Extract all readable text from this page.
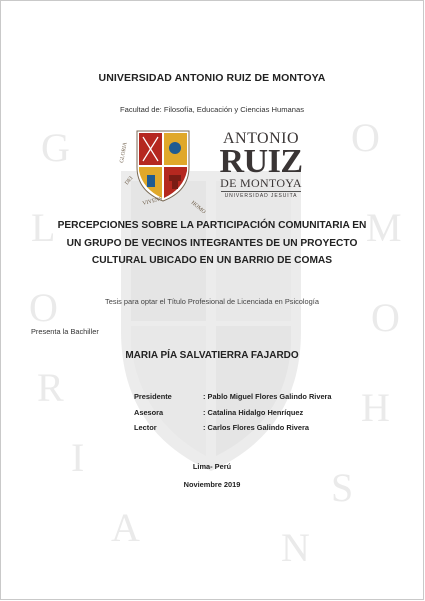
G
L
O
R
I
A
O
M
O
H
S
N
UNIVERSIDAD ANTONIO RUIZ DE MONTOYA
Facultad de: Filosofía, Educación y Ciencias Humanas
GLORIA
DEI
VIVENS	HOMO
ANTONIO
RUIZ
DE MONTOYA
UNIVERSIDAD JESUITA
PERCEPCIONES SOBRE LA PARTICIPACIÓN COMUNITARIA EN
UN GRUPO DE VECINOS INTEGRANTES DE UN PROYECTO
CULTURAL UBICADO EN UN BARRIO DE COMAS
Tesis para optar el Título Profesional de Licenciada en Psicología
Presenta la Bachiller
MARIA PÍA SALVATIERRA FAJARDO
Presidente	: Pablo Miguel Flores Galindo Rivera
Asesora	: Catalina Hidalgo Henríquez
Lector	: Carlos Flores Galindo Rivera
Lima- Perú
Noviembre 2019
